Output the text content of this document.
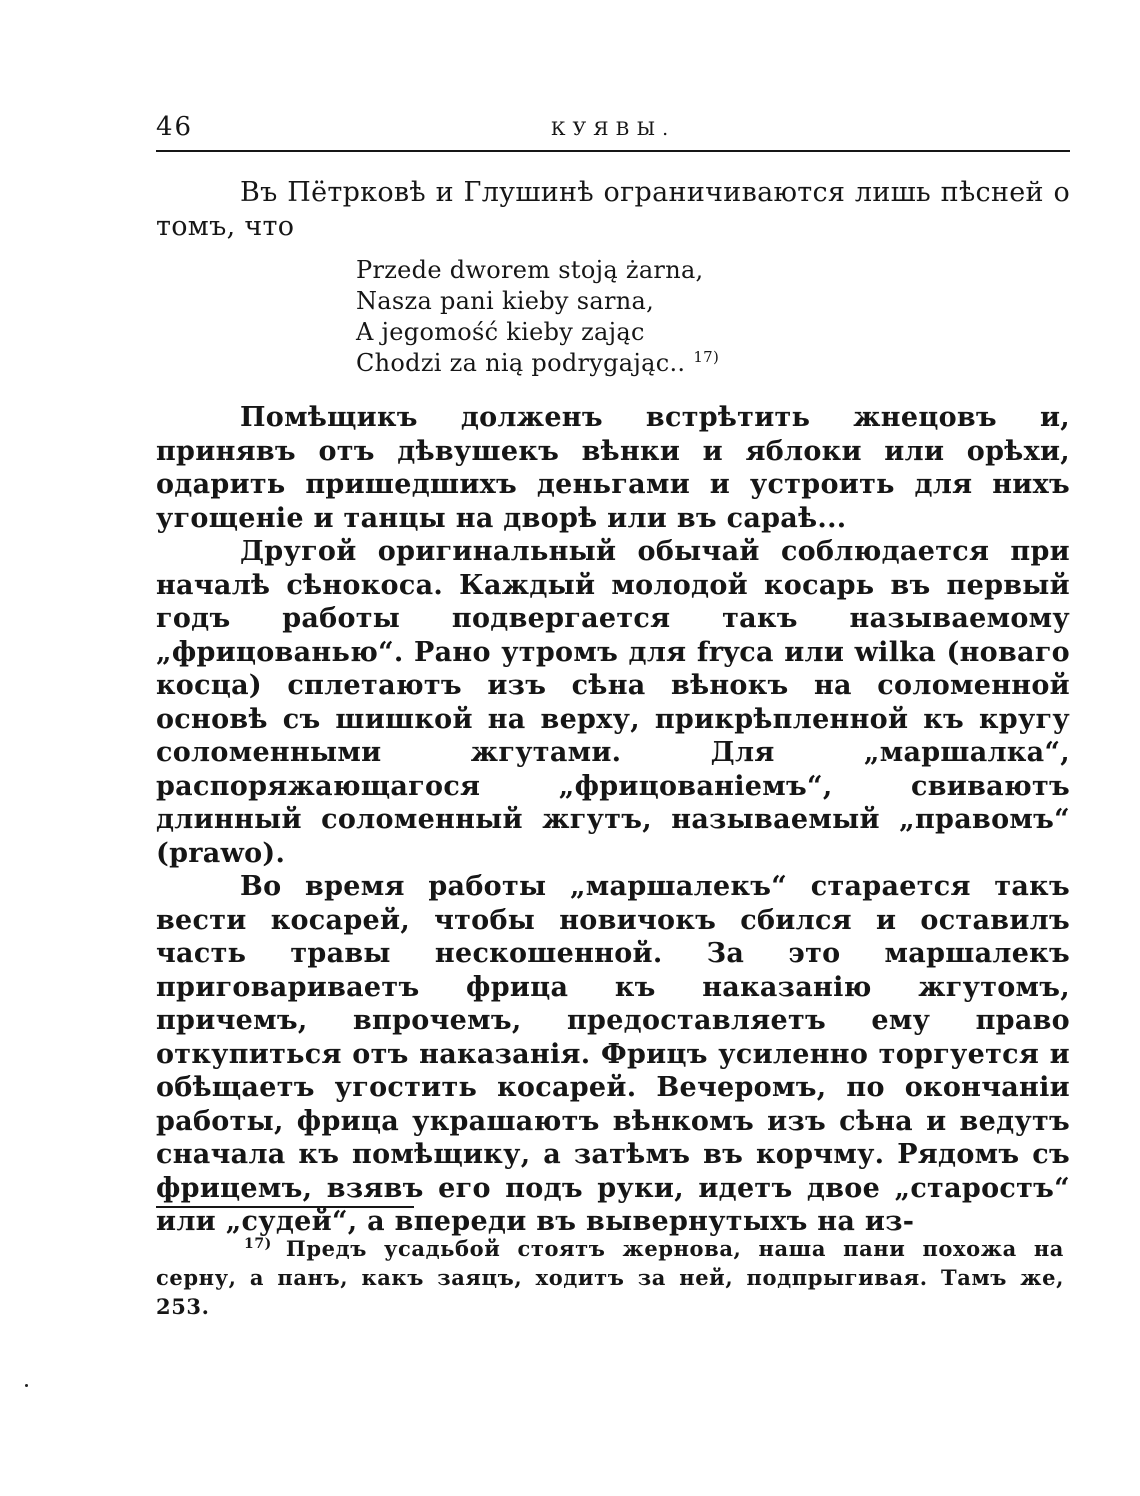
46	КУЯВЫ.

Въ Пётрковѣ и Глушинѣ ограничиваются лишь пѣсней о томъ, что

Przede dworem stoją żarna,
Nasza pani kieby sarna,
A jegomość kieby zając
Chodzi za nią podrygając.. $^{17)}$

Помѣщикъ долженъ встрѣтить жнецовъ и, принявъ отъ дѣвушекъ вѣнки и яблоки или орѣхи, одарить пришедшихъ деньгами и устроить для нихъ угощеніе и танцы на дворѣ или въ сараѣ...

Другой оригинальный обычай соблюдается при началѣ сѣнокоса. Каждый молодой косарь въ первый годъ работы подвергается такъ называемому „фрицованью“. Рано утромъ для fryca или wilka (новаго косца) сплетаютъ изъ сѣна вѣнокъ на соломенной основѣ съ шишкой на верху, прикрѣпленной къ кругу соломенными жгутами. Для „маршалка“, распоряжающагося „фрицованіемъ“, свиваютъ длинный соломенный жгутъ, называемый „правомъ“ (prawo).

Во время работы „маршалекъ“ старается такъ вести косарей, чтобы новичокъ сбился и оставилъ часть травы нескошенной. За это маршалекъ приговариваетъ фрица къ наказанію жгутомъ, причемъ, впрочемъ, предоставляетъ ему право откупиться отъ наказанія. Фрицъ усиленно торгуется и обѣщаетъ угостить косарей. Вечеромъ, по окончаніи работы, фрица украшаютъ вѣнкомъ изъ сѣна и ведутъ сначала къ помѣщику, а затѣмъ въ корчму. Рядомъ съ фрицемъ, взявъ его подъ руки, идетъ двое „старостъ“ или „судей“, а впереди въ вывернутыхъ на из-

$^{17)}$ Предъ усадьбой стоятъ жернова, наша пани похожа на серну, а панъ, какъ заяцъ, ходитъ за ней, подпрыгивая. Тамъ же, 253.
